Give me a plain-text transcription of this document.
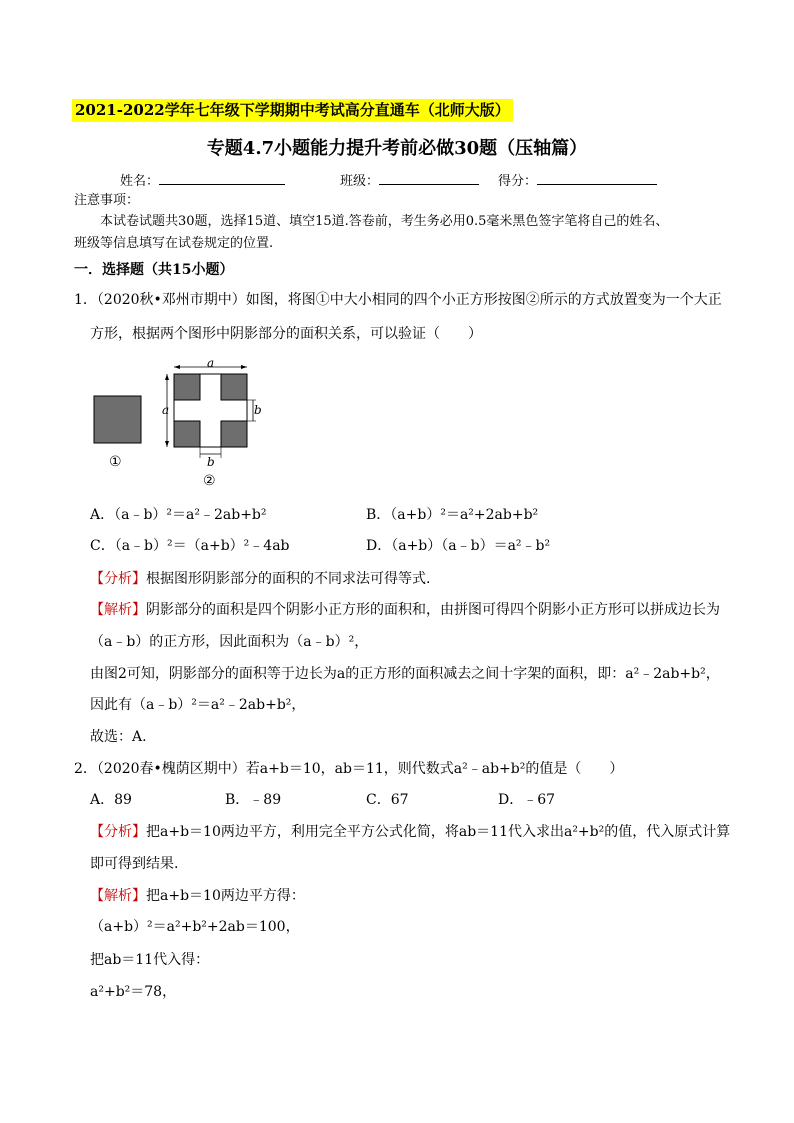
2021-2022学年七年级下学期期中考试高分直通车（北师大版）
专题4.7小题能力提升考前必做30题（压轴篇）
姓名：	班级：	得分：
注意事项：
本试卷试题共30题，选择15道、填空15道.答卷前，考生务必用0.5毫米黑色签字笔将自己的姓名、
班级等信息填写在试卷规定的位置.
一．选择题（共15小题）
1．（2020秋•邓州市期中）如图，将图①中大小相同的四个小正方形按图②所示的方式放置变为一个大正
方形，根据两个图形中阴影部分的面积关系，可以验证（　　）
①
a
a	b
b
②
A．（a﹣b）²＝a²﹣2ab+b²	B．（a+b）²＝a²+2ab+b²
C．（a﹣b）²＝（a+b）²﹣4ab	D．（a+b）（a﹣b）＝a²﹣b²
【分析】根据图形阴影部分的面积的不同求法可得等式.
【解析】阴影部分的面积是四个阴影小正方形的面积和，由拼图可得四个阴影小正方形可以拼成边长为
（a﹣b）的正方形，因此面积为（a﹣b）²，
由图2可知，阴影部分的面积等于边长为a的正方形的面积减去之间十字架的面积，即：a²﹣2ab+b²，
因此有（a﹣b）²＝a²﹣2ab+b²，
故选：A.
2．（2020春•槐荫区期中）若a+b＝10，ab＝11，则代数式a²﹣ab+b²的值是（　　）
A．89	B．﹣89	C．67	D．﹣67
【分析】把a+b＝10两边平方，利用完全平方公式化简，将ab＝11代入求出a²+b²的值，代入原式计算
即可得到结果.
【解析】把a+b＝10两边平方得：
（a+b）²＝a²+b²+2ab＝100，
把ab＝11代入得：
a²+b²＝78，
